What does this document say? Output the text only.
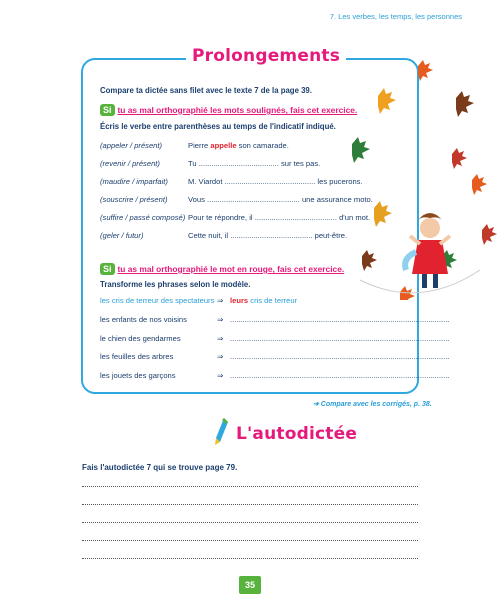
7. Les verbes, les temps, les personnes
Prolongements
Compare ta dictée sans filet avec le texte 7 de la page 39.
Si tu as mal orthographié les mots soulignés, fais cet exercice.
Écris le verbe entre parenthèses au temps de l'indicatif indiqué.
(appeler / présent)	Pierre appelle son camarade.
(revenir / présent)	Tu ...................................... sur tes pas.
(maudire / imparfait)	M. Viardot ........................................... les pucerons.
(souscrire / présent)	Vous ............................................ une assurance moto.
(suffire / passé composé) Pour te répondre, il ....................................... d'un mot.
(geler / futur)	Cette nuit, il ....................................... peut-être.
Si tu as mal orthographié le mot en rouge, fais cet exercice.
Transforme les phrases selon le modèle.
les cris de terreur des spectateurs ⇒ leurs cris de terreur
les enfants de nos voisins	⇒ ........................................................................................................
le chien des gendarmes	⇒ ........................................................................................................
les feuilles des arbres	⇒ ........................................................................................................
les jouets des garçons	⇒ ........................................................................................................
➔ Compare avec les corrigés, p. 38.
L'autodictée
Fais l'autodictée 7 qui se trouve page 79.
35
